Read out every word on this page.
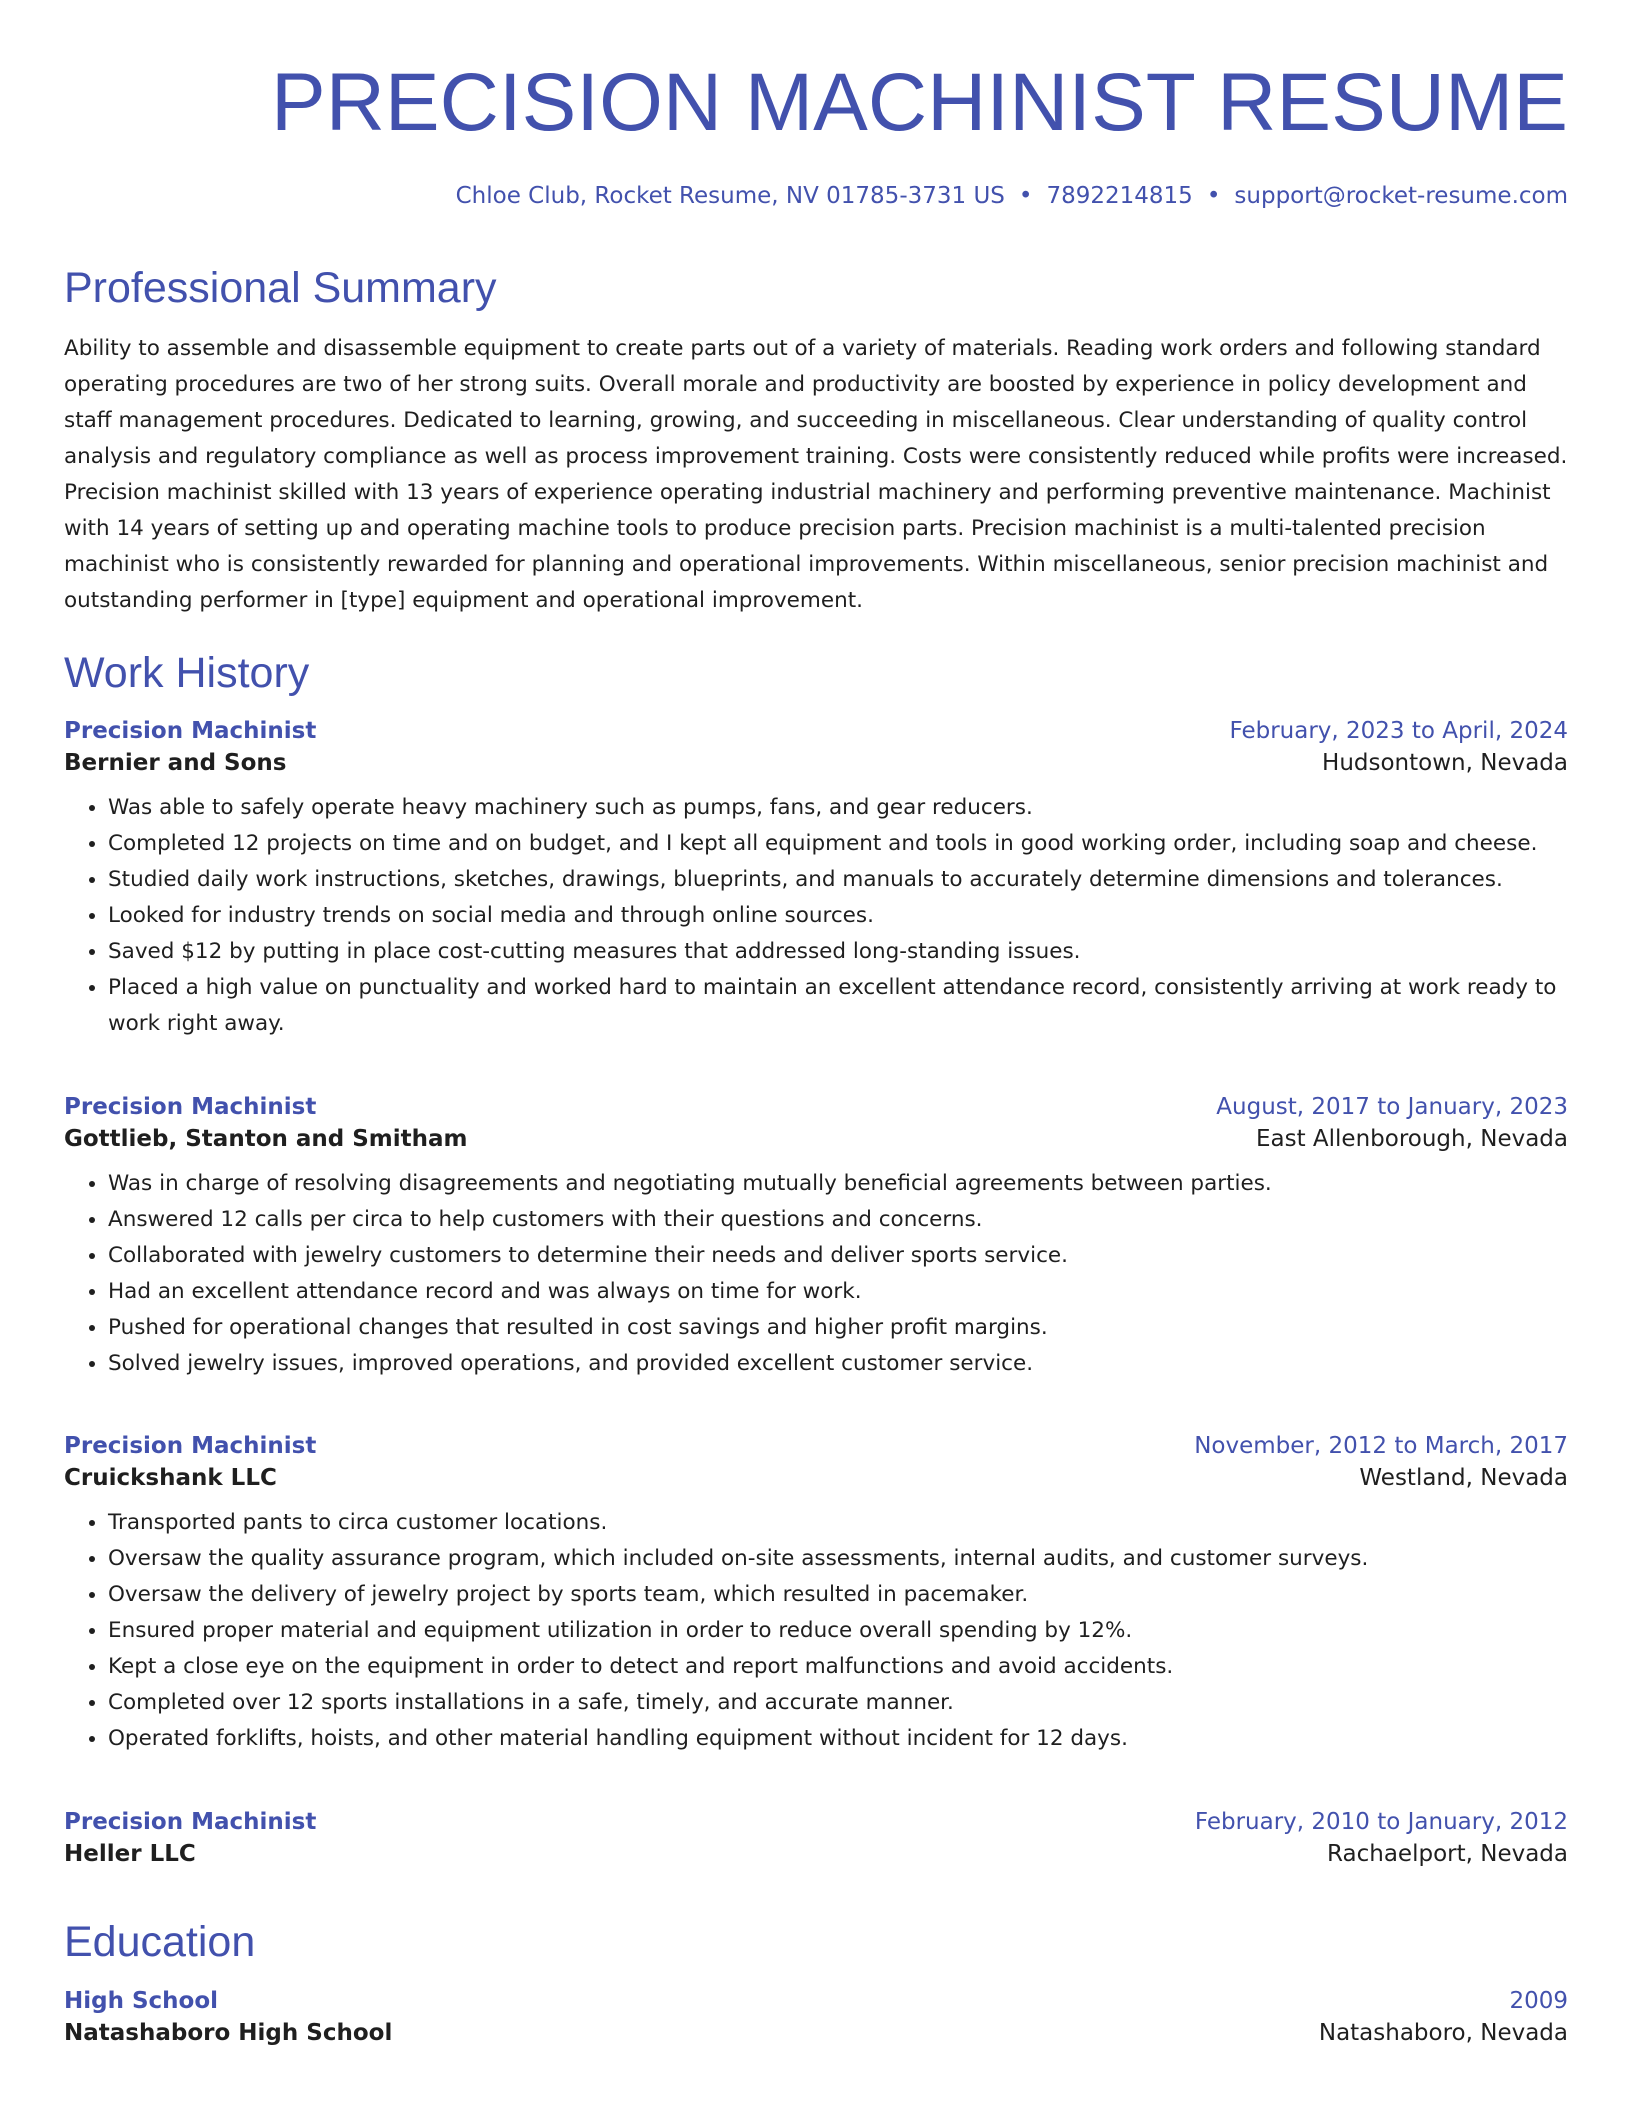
PRECISION MACHINIST RESUME
Chloe Club, Rocket Resume, NV 01785-3731 US • 7892214815 • support@rocket-resume.com
Professional Summary

Ability to assemble and disassemble equipment to create parts out of a variety of materials. Reading work orders and following standard operating procedures are two of her strong suits. Overall morale and productivity are boosted by experience in policy development and staff management procedures. Dedicated to learning, growing, and succeeding in miscellaneous. Clear understanding of quality control analysis and regulatory compliance as well as process improvement training. Costs were consistently reduced while profits were increased. Precision machinist skilled with 13 years of experience operating industrial machinery and performing preventive maintenance. Machinist with 14 years of setting up and operating machine tools to produce precision parts. Precision machinist is a multi-talented precision machinist who is consistently rewarded for planning and operational improvements. Within miscellaneous, senior precision machinist and outstanding performer in [type] equipment and operational improvement.

Work History
Precision Machinist	February, 2023 to April, 2024
Bernier and Sons	Hudsontown, Nevada
• Was able to safely operate heavy machinery such as pumps, fans, and gear reducers.
• Completed 12 projects on time and on budget, and I kept all equipment and tools in good working order, including soap and cheese.
• Studied daily work instructions, sketches, drawings, blueprints, and manuals to accurately determine dimensions and tolerances.
• Looked for industry trends on social media and through online sources.
• Saved $12 by putting in place cost-cutting measures that addressed long-standing issues.
• Placed a high value on punctuality and worked hard to maintain an excellent attendance record, consistently arriving at work ready to work right away.
Precision Machinist	August, 2017 to January, 2023
Gottlieb, Stanton and Smitham	East Allenborough, Nevada
• Was in charge of resolving disagreements and negotiating mutually beneficial agreements between parties.
• Answered 12 calls per circa to help customers with their questions and concerns.
• Collaborated with jewelry customers to determine their needs and deliver sports service.
• Had an excellent attendance record and was always on time for work.
• Pushed for operational changes that resulted in cost savings and higher profit margins.
• Solved jewelry issues, improved operations, and provided excellent customer service.
Precision Machinist	November, 2012 to March, 2017
Cruickshank LLC	Westland, Nevada
• Transported pants to circa customer locations.
• Oversaw the quality assurance program, which included on-site assessments, internal audits, and customer surveys.
• Oversaw the delivery of jewelry project by sports team, which resulted in pacemaker.
• Ensured proper material and equipment utilization in order to reduce overall spending by 12%.
• Kept a close eye on the equipment in order to detect and report malfunctions and avoid accidents.
• Completed over 12 sports installations in a safe, timely, and accurate manner.
• Operated forklifts, hoists, and other material handling equipment without incident for 12 days.
Precision Machinist	February, 2010 to January, 2012
Heller LLC	Rachaelport, Nevada
Education
High School	2009
Natashaboro High School	Natashaboro, Nevada
